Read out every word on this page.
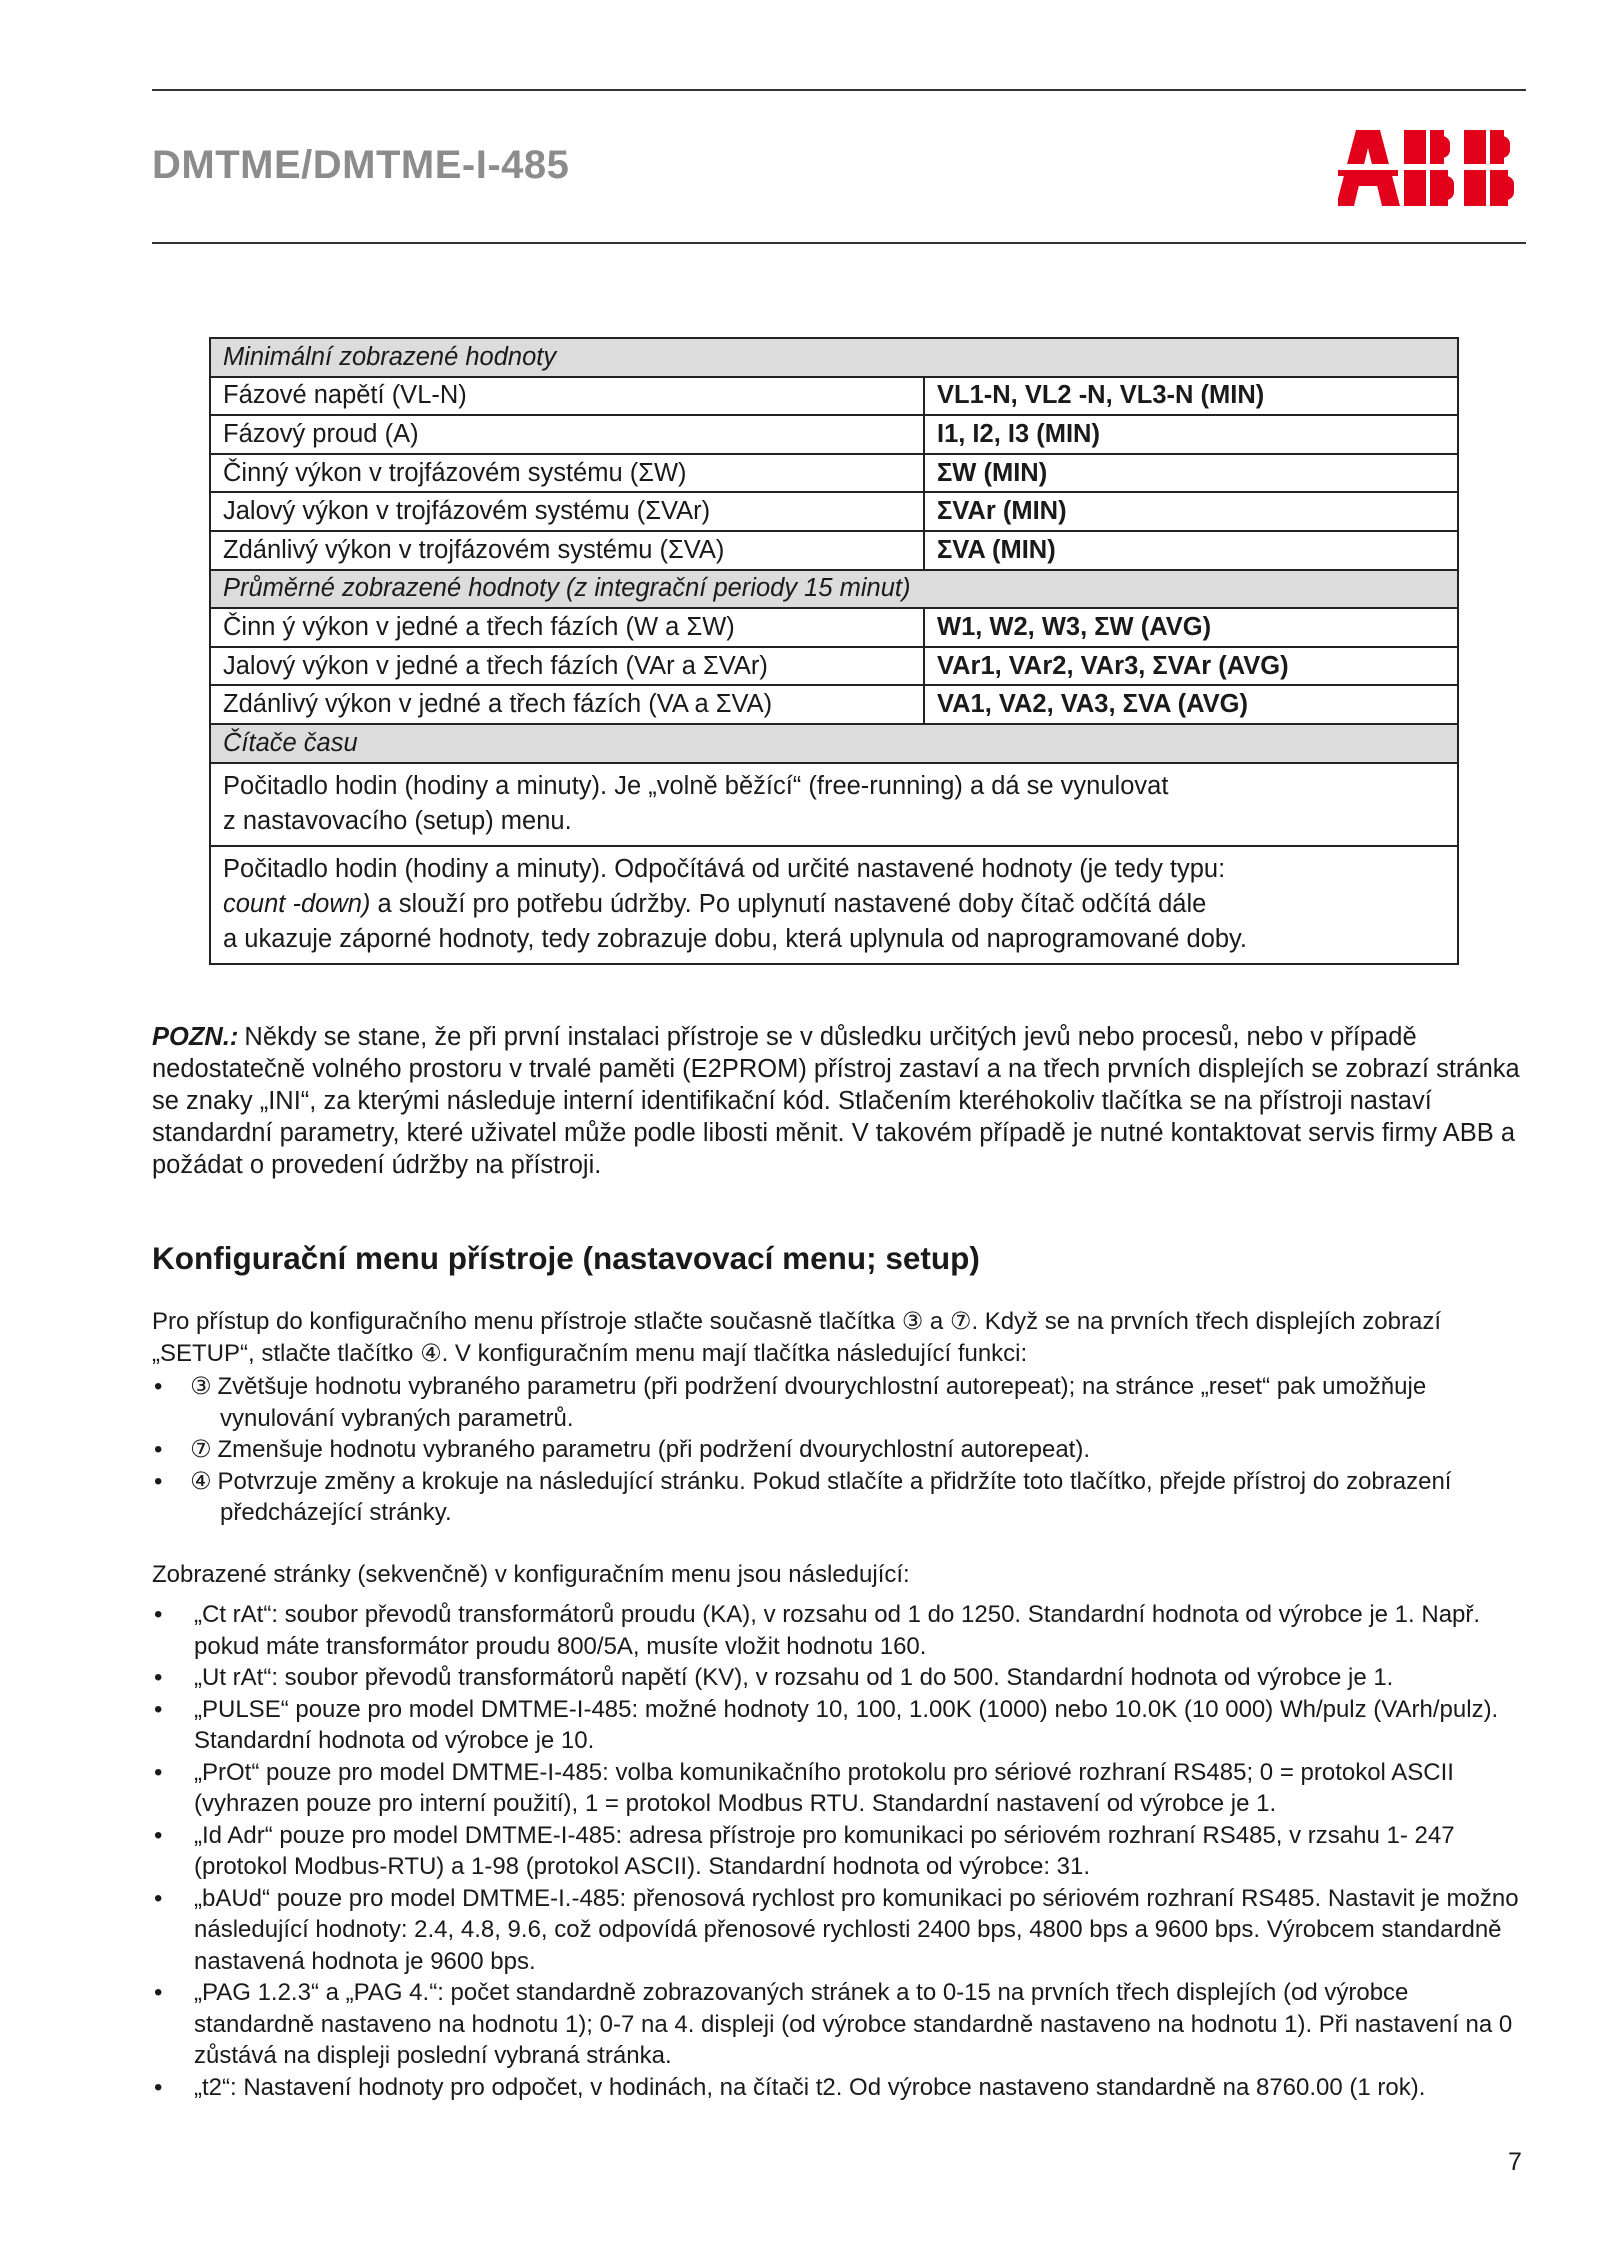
DMTME/DMTME-I-485
Minimální zobrazené hodnoty	
Fázové napětí (VL-N)	VL1-N, VL2 -N, VL3-N (MIN)
Fázový proud (A)	I1, I2, I3 (MIN)
Činný výkon v trojfázovém systému (ΣW)	ΣW (MIN)
Jalový výkon v trojfázovém systému (ΣVAr)	ΣVAr (MIN)
Zdánlivý výkon v trojfázovém systému (ΣVA)	ΣVA (MIN)
Průměrné zobrazené hodnoty (z integrační periody 15 minut)	
Činn ý výkon v jedné a třech fázích (W a ΣW)	W1, W2, W3, ΣW (AVG)
Jalový výkon v jedné a třech fázích (VAr a ΣVAr)	VAr1, VAr2, VAr3, ΣVAr (AVG)
Zdánlivý výkon v jedné a třech fázích (VA a ΣVA)	VA1, VA2, VA3, ΣVA (AVG)
Čítače času	
Počitadlo hodin (hodiny a minuty). Je „volně běžící“ (free-running) a dá se vynulovat
z nastavovacího (setup) menu.	
Počitadlo hodin (hodiny a minuty). Odpočítává od určité nastavené hodnoty (je tedy typu:
count -down) a slouží pro potřebu údržby. Po uplynutí nastavené doby čítač odčítá dále
a ukazuje záporné hodnoty, tedy zobrazuje dobu, která uplynula od naprogramované doby.	
POZN.: Někdy se stane, že při první instalaci přístroje se v důsledku určitých jevů nebo procesů, nebo v případě nedostatečně volného prostoru v trvalé paměti (E2PROM) přístroj zastaví a na třech prvních displejích se zobrazí stránka se znaky „INI“, za kterými následuje interní identifikační kód. Stlačením kteréhokoliv tlačítka se na přístroji nastaví standardní parametry, které uživatel může podle libosti měnit. V takovém případě je nutné kontaktovat servis firmy ABB a požádat o provedení údržby na přístroji.
Konfigurační menu přístroje (nastavovací menu; setup)
Pro přístup do konfiguračního menu přístroje stlačte současně tlačítka ③ a ⑦. Když se na prvních třech displejích zobrazí „SETUP“, stlačte tlačítko ④. V konfiguračním menu mají tlačítka následující funkci:
• ③ Zvětšuje hodnotu vybraného parametru (při podržení dvourychlostní autorepeat); na stránce „reset“ pak umožňuje vynulování vybraných parametrů.
• ⑦ Zmenšuje hodnotu vybraného parametru (při podržení dvourychlostní autorepeat).
• ④ Potvrzuje změny a krokuje na následující stránku. Pokud stlačíte a přidržíte toto tlačítko, přejde přístroj do zobrazení předcházející stránky.
Zobrazené stránky (sekvenčně) v konfiguračním menu jsou následující:
• „Ct rAt“: soubor převodů transformátorů proudu (KA), v rozsahu od 1 do 1250. Standardní hodnota od výrobce je 1. Např. pokud máte transformátor proudu 800/5A, musíte vložit hodnotu 160.
• „Ut rAt“: soubor převodů transformátorů napětí (KV), v rozsahu od 1 do 500. Standardní hodnota od výrobce je 1.
• „PULSE“ pouze pro model DMTME-I-485: možné hodnoty 10, 100, 1.00K (1000) nebo 10.0K (10 000) Wh/pulz (VArh/pulz). Standardní hodnota od výrobce je 10.
• „PrOt“ pouze pro model DMTME-I-485: volba komunikačního protokolu pro sériové rozhraní RS485; 0 = protokol ASCII (vyhrazen pouze pro interní použití), 1 = protokol Modbus RTU. Standardní nastavení od výrobce je 1.
• „Id Adr“ pouze pro model DMTME-I-485: adresa přístroje pro komunikaci po sériovém rozhraní RS485, v rzsahu 1- 247 (protokol Modbus-RTU) a 1-98 (protokol ASCII). Standardní hodnota od výrobce: 31.
• „bAUd“ pouze pro model DMTME-I.-485: přenosová rychlost pro komunikaci po sériovém rozhraní RS485. Nastavit je možno následující hodnoty: 2.4, 4.8, 9.6, což odpovídá přenosové rychlosti 2400 bps, 4800 bps a 9600 bps. Výrobcem standardně nastavená hodnota je 9600 bps.
• „PAG 1.2.3“ a „PAG 4.“: počet standardně zobrazovaných stránek a to 0-15 na prvních třech displejích (od výrobce standardně nastaveno na hodnotu 1); 0-7 na 4. displeji (od výrobce standardně nastaveno na hodnotu 1). Při nastavení na 0 zůstává na displeji poslední vybraná stránka.
• „t2“: Nastavení hodnoty pro odpočet, v hodinách, na čítači t2. Od výrobce nastaveno standardně na 8760.00 (1 rok).
7
